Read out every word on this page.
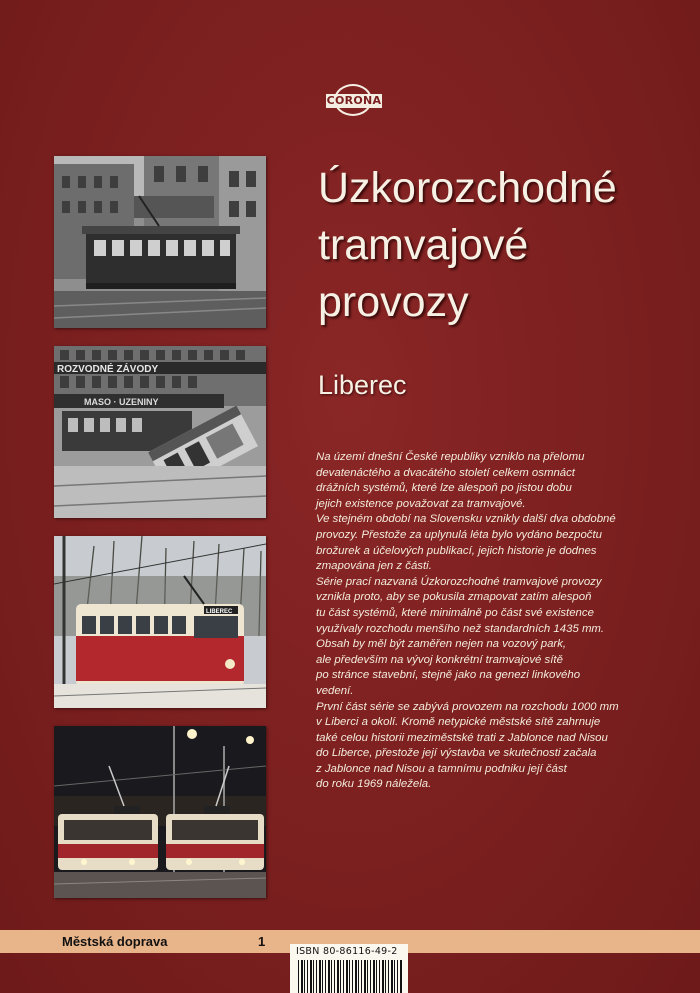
CORONA
ROZVODNÉ ZÁVODY
MASO · UZENINY
LIBEREC
Úzkorozchodné
tramvajové
provozy
Liberec

Na území dnešní České republiky vzniklo na přelomu
devatenáctého a dvacátého století celkem osmnáct
drážních systémů, které lze alespoň po jistou dobu
jejich existence považovat za tramvajové.

Ve stejném období na Slovensku vznikly další dva obdobné
provozy. Přestože za uplynulá léta bylo vydáno bezpočtu
brožurek a účelových publikací, jejich historie je dodnes
zmapována jen z části.

Série prací nazvaná Úzkorozchodné tramvajové provozy
vznikla proto, aby se pokusila zmapovat zatím alespoň
tu část systémů, které minimálně po část své existence
využívaly rozchodu menšího než standardních 1435 mm.
Obsah by měl být zaměřen nejen na vozový park,
ale především na vývoj konkrétní tramvajové sítě
po stránce stavební, stejně jako na genezi linkového
vedení.

První část série se zabývá provozem na rozchodu 1000 mm
v Liberci a okolí. Kromě netypické městské sítě zahrnuje
také celou historii meziměstské trati z Jablonce nad Nisou
do Liberce, přestože její výstavba ve skutečnosti začala
z Jablonce nad Nisou a tamnímu podniku její část
do roku 1969 náležela.

Městská doprava	1
ISBN 80-86116-49-2
